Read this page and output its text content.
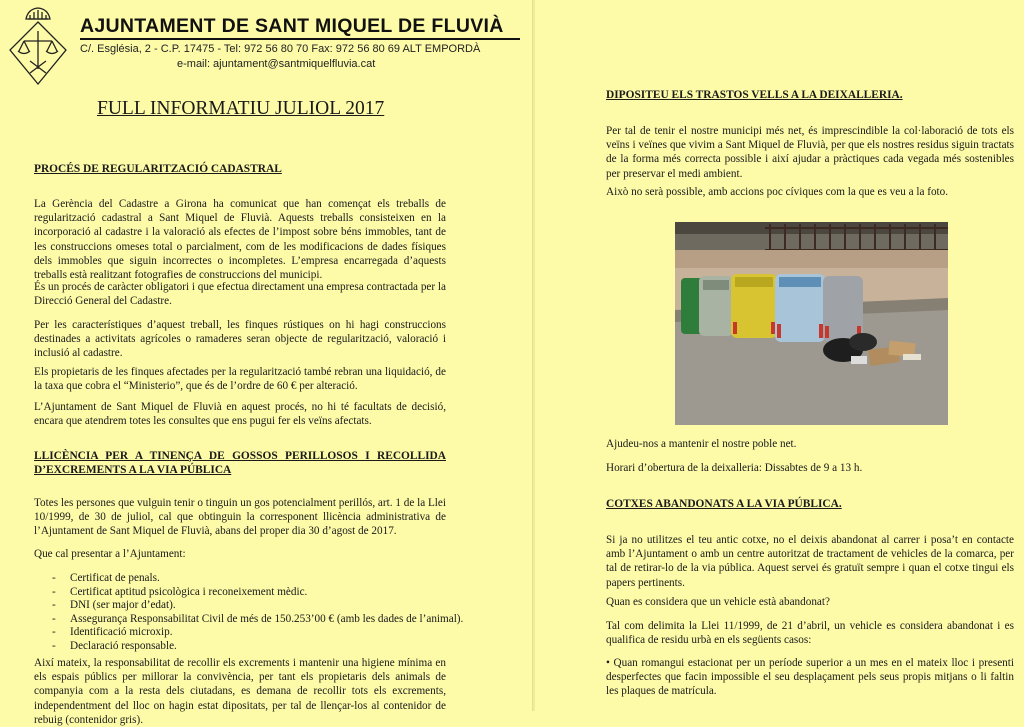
AJUNTAMENT DE SANT MIQUEL DE FLUVIÀ
C/. Església, 2 - C.P. 17475 - Tel: 972 56 80 70 Fax: 972 56 80 69 ALT EMPORDÀ
e-mail: ajuntament@santmiquelfluvia.cat
FULL INFORMATIU JULIOL 2017
PROCÉS DE REGULARITZACIÓ CADASTRAL
La Gerència del Cadastre a Girona ha comunicat que han començat els treballs de regularització cadastral a Sant Miquel de Fluvià. Aquests treballs consisteixen en la incorporació al cadastre i la valoració als efectes de l’impost sobre béns immobles, tant de les construccions omeses total o parcialment, com de les modificacions de dades físiques dels immobles que siguin incorrectes o incompletes. L’empresa encarregada d’aquests treballs està realitzant fotografies de construccions del municipi.
És un procés de caràcter obligatori i que efectua directament una empresa contractada per la Direcció General del Cadastre.
Per les característiques d’aquest treball, les finques rústiques on hi hagi construccions destinades a activitats agrícoles o ramaderes seran objecte de regularització, valoració i inclusió al cadastre.
Els propietaris de les finques afectades per la regularització també rebran una liquidació, de la taxa que cobra el “Ministerio”, que és de l’ordre de 60 € per alteració.
L’Ajuntament de Sant Miquel de Fluvià en aquest procés, no hi té facultats de decisió, encara que atendrem totes les consultes que ens pugui fer els veïns afectats.
LLICÈNCIA PER A TINENÇA DE GOSSOS PERILLOSOS I RECOLLIDA
D’EXCREMENTS A LA VIA PÚBLICA
Totes les persones que vulguin tenir o tinguin un gos potencialment perillós, art. 1 de la Llei 10/1999, de 30 de juliol, cal que obtinguin la corresponent llicència administrativa de l’Ajuntament de Sant Miquel de Fluvià, abans del proper dia 30 d’agost de 2017.
Que cal presentar a l’Ajuntament:
- Certificat de penals.
- Certificat aptitud psicològica i reconeixement mèdic.
- DNI (ser major d’edat).
- Assegurança Responsabilitat Civil de més de 150.253’00 € (amb les dades de l’animal).
- Identificació microxip.
- Declaració responsable.
Així mateix, la responsabilitat de recollir els excrements i mantenir una higiene mínima en els espais públics per millorar la convivència, per tant els propietaris dels animals de companyia com a la resta dels ciutadans, es demana de recollir tots els excrements, independentment del lloc on hagin estat dipositats, per tal de llençar-los al contenidor de rebuig (contenidor gris).
DIPOSITEU ELS TRASTOS VELLS A LA DEIXALLERIA.
Per tal de tenir el nostre municipi més net, és imprescindible la col·laboració de tots els veïns i veïnes que vivim a Sant Miquel de Fluvià, per que els nostres residus siguin tractats de la forma més correcta possible i així ajudar a pràctiques cada vegada més sostenibles per preservar el medi ambient.
Això no serà possible, amb accions poc cíviques com la que es veu a la foto.
Ajudeu-nos a mantenir el nostre poble net.
Horari d’obertura de la deixalleria: Dissabtes de 9 a 13 h.
COTXES ABANDONATS A LA VIA PÚBLICA.
Si ja no utilitzes el teu antic cotxe, no el deixis abandonat al carrer i posa’t en contacte amb l’Ajuntament o amb un centre autoritzat de tractament de vehicles de la comarca, per tal de retirar-lo de la via pública. Aquest servei és gratuït sempre i quan el cotxe tingui els papers pertinents.
Quan es considera que un vehicle està abandonat?
Tal com delimita la Llei 11/1999, de 21 d’abril, un vehicle es considera abandonat i es qualifica de residu urbà en els següents casos:
• Quan romangui estacionat per un període superior a un mes en el mateix lloc i presenti desperfectes que facin impossible el seu desplaçament pels seus propis mitjans o li faltin les plaques de matrícula.
